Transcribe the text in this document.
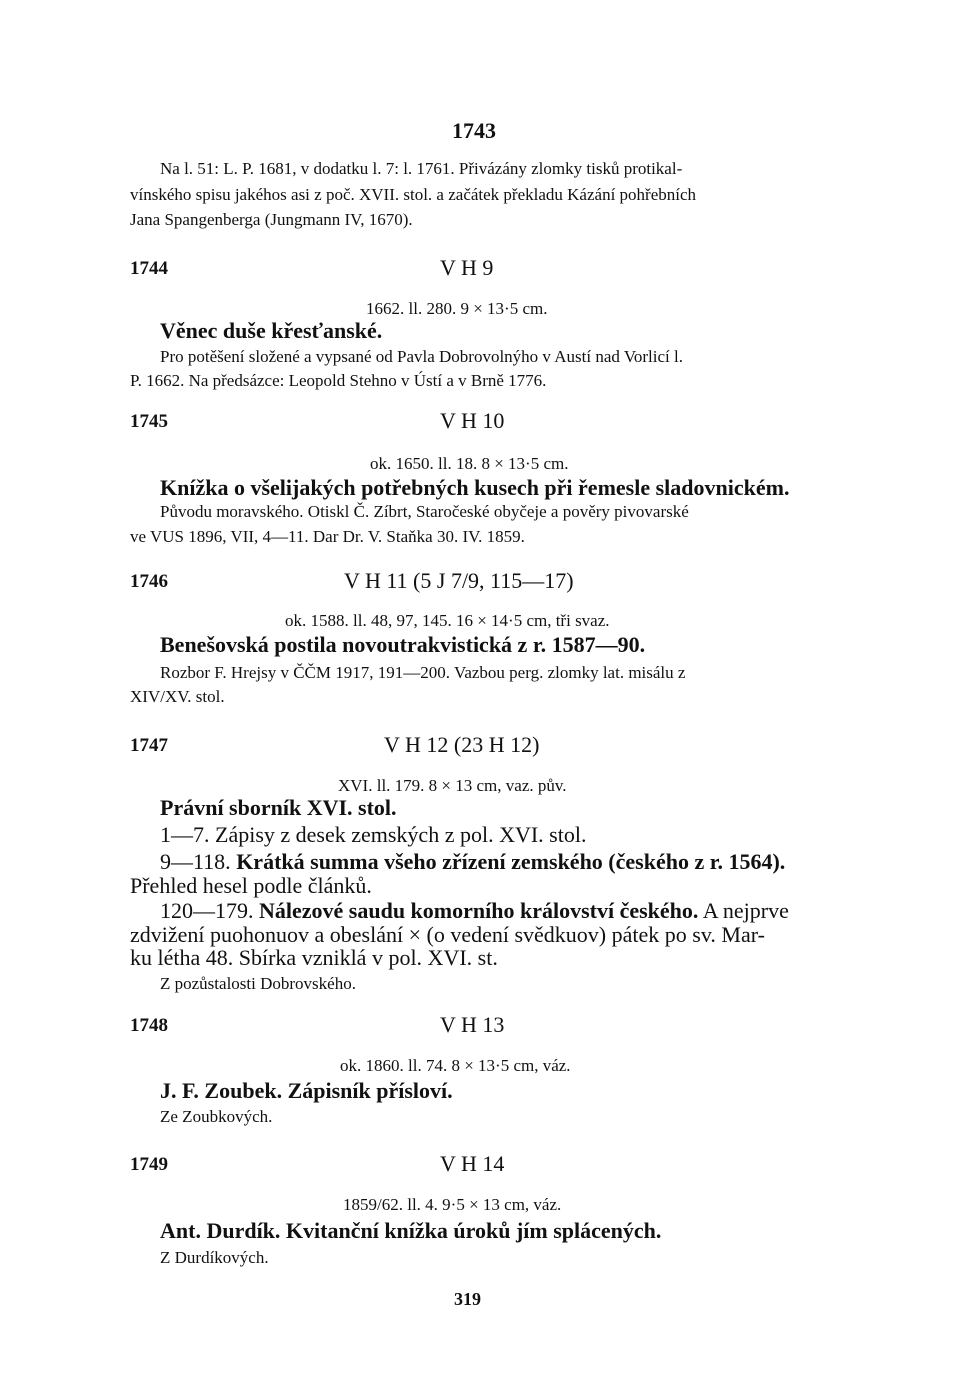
1743
Na l. 51: L. P. 1681, v dodatku l. 7: l. 1761. Přivázány zlomky tisků protikal-
vínského spisu jakéhos asi z poč. XVII. stol. a začátek překladu Kázání pohřebních
Jana Spangenberga (Jungmann IV, 1670).
1744	V H 9
1662. ll. 280. 9 × 13·5 cm.
Věnec duše křesťanské.
Pro potěšení složené a vypsané od Pavla Dobrovolnýho v Austí nad Vorlicí l.
P. 1662. Na předsázce: Leopold Stehno v Ústí a v Brně 1776.
1745	V H 10
ok. 1650. ll. 18. 8 × 13·5 cm.
Knížka o všelijakých potřebných kusech při řemesle sladovnickém.
Původu moravského. Otiskl Č. Zíbrt, Staročeské obyčeje a pověry pivovarské
ve VUS 1896, VII, 4—11. Dar Dr. V. Staňka 30. IV. 1859.
1746	V H 11 (5 J 7/9, 115—17)
ok. 1588. ll. 48, 97, 145. 16 × 14·5 cm, tři svaz.
Benešovská postila novoutrakvistická z r. 1587—90.
Rozbor F. Hrejsy v ČČM 1917, 191—200. Vazbou perg. zlomky lat. misálu z
XIV/XV. stol.
1747	V H 12 (23 H 12)
XVI. ll. 179. 8 × 13 cm, vaz. pův.
Právní sborník XVI. stol.
1—7. Zápisy z desek zemských z pol. XVI. stol.
9—118. Krátká summa všeho zřízení zemského (českého z r. 1564).
Přehled hesel podle článků.
120—179. Nálezové saudu komorního království českého. A nejprve
zdvižení puohonuov a obeslání × (o vedení svědkuov) pátek po sv. Mar-
ku létha 48. Sbírka vzniklá v pol. XVI. st.
Z pozůstalosti Dobrovského.
1748	V H 13
ok. 1860. ll. 74. 8 × 13·5 cm, váz.
J. F. Zoubek. Zápisník přísloví.
Ze Zoubkových.
1749	V H 14
1859/62. ll. 4. 9·5 × 13 cm, váz.
Ant. Durdík. Kvitanční knížka úroků jím splácených.
Z Durdíkových.
319
